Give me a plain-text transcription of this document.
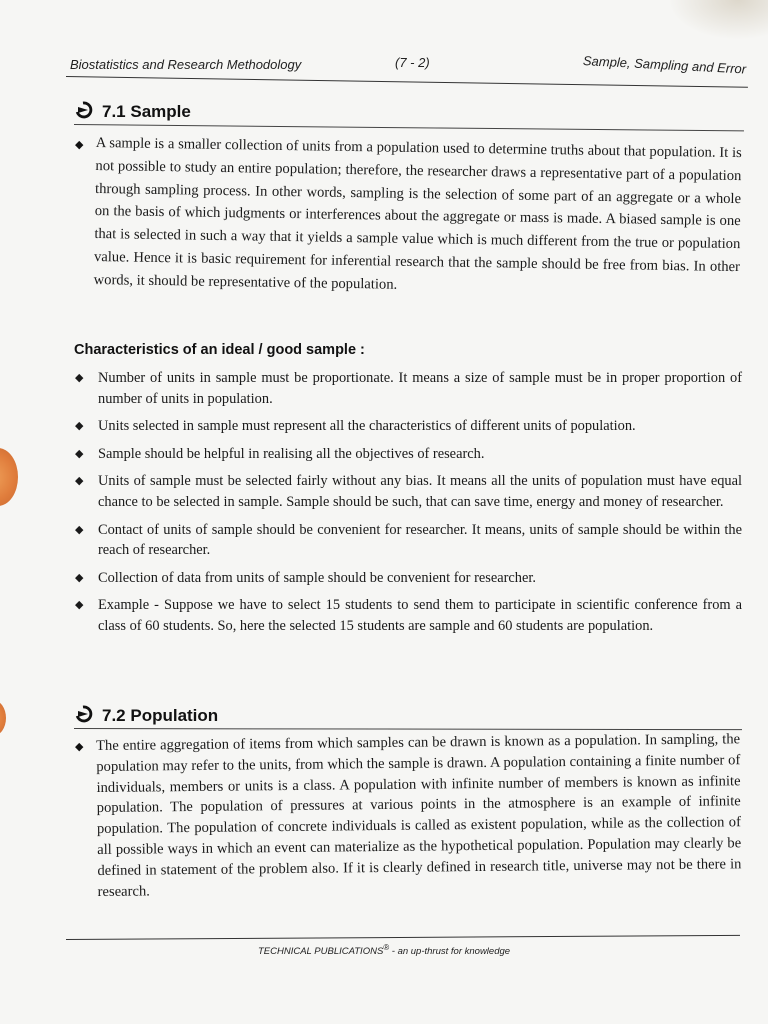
Biostatistics and Research Methodology	(7 - 2)	Sample, Sampling and Error
7.1 Sample
◆ A sample is a smaller collection of units from a population used to determine truths about that population. It is not possible to study an entire population; therefore, the researcher draws a representative part of a population through sampling process. In other words, sampling is the selection of some part of an aggregate or a whole on the basis of which judgments or interferences about the aggregate or mass is made. A biased sample is one that is selected in such a way that it yields a sample value which is much different from the true or population value. Hence it is basic requirement for inferential research that the sample should be free from bias. In other words, it should be representative of the population.
Characteristics of an ideal / good sample :
◆ Number of units in sample must be proportionate. It means a size of sample must be in proper proportion of number of units in population.
◆ Units selected in sample must represent all the characteristics of different units of population.
◆ Sample should be helpful in realising all the objectives of research.
◆ Units of sample must be selected fairly without any bias. It means all the units of population must have equal chance to be selected in sample. Sample should be such, that can save time, energy and money of researcher.
◆ Contact of units of sample should be convenient for researcher. It means, units of sample should be within the reach of researcher.
◆ Collection of data from units of sample should be convenient for researcher.
◆ Example - Suppose we have to select 15 students to send them to participate in scientific conference from a class of 60 students. So, here the selected 15 students are sample and 60 students are population.
7.2 Population
◆ The entire aggregation of items from which samples can be drawn is known as a population. In sampling, the population may refer to the units, from which the sample is drawn. A population containing a finite number of individuals, members or units is a class. A population with infinite number of members is known as infinite population. The population of pressures at various points in the atmosphere is an example of infinite population. The population of concrete individuals is called as existent population, while as the collection of all possible ways in which an event can materialize as the hypothetical population. Population may clearly be defined in statement of the problem also. If it is clearly defined in research title, universe may not be there in research.
TECHNICAL PUBLICATIONS® - an up-thrust for knowledge
